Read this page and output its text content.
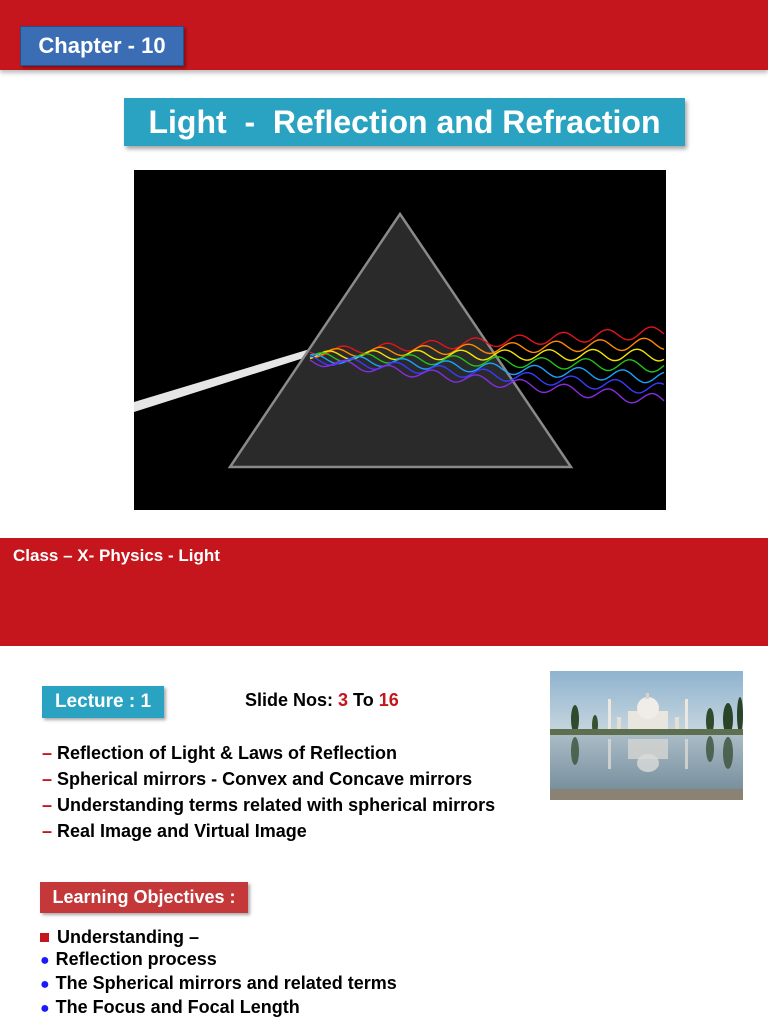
Chapter - 10
Light  -  Reflection and Refraction
Class – X- Physics - Light
Lecture : 1	Slide Nos: 3 To 16
– Reflection of Light & Laws of Reflection
– Spherical mirrors - Convex and Concave mirrors
– Understanding terms related with spherical mirrors
– Real Image and Virtual Image
Learning Objectives :
Understanding –
● Reflection process
● The Spherical mirrors and related terms
● The Focus and Focal Length
